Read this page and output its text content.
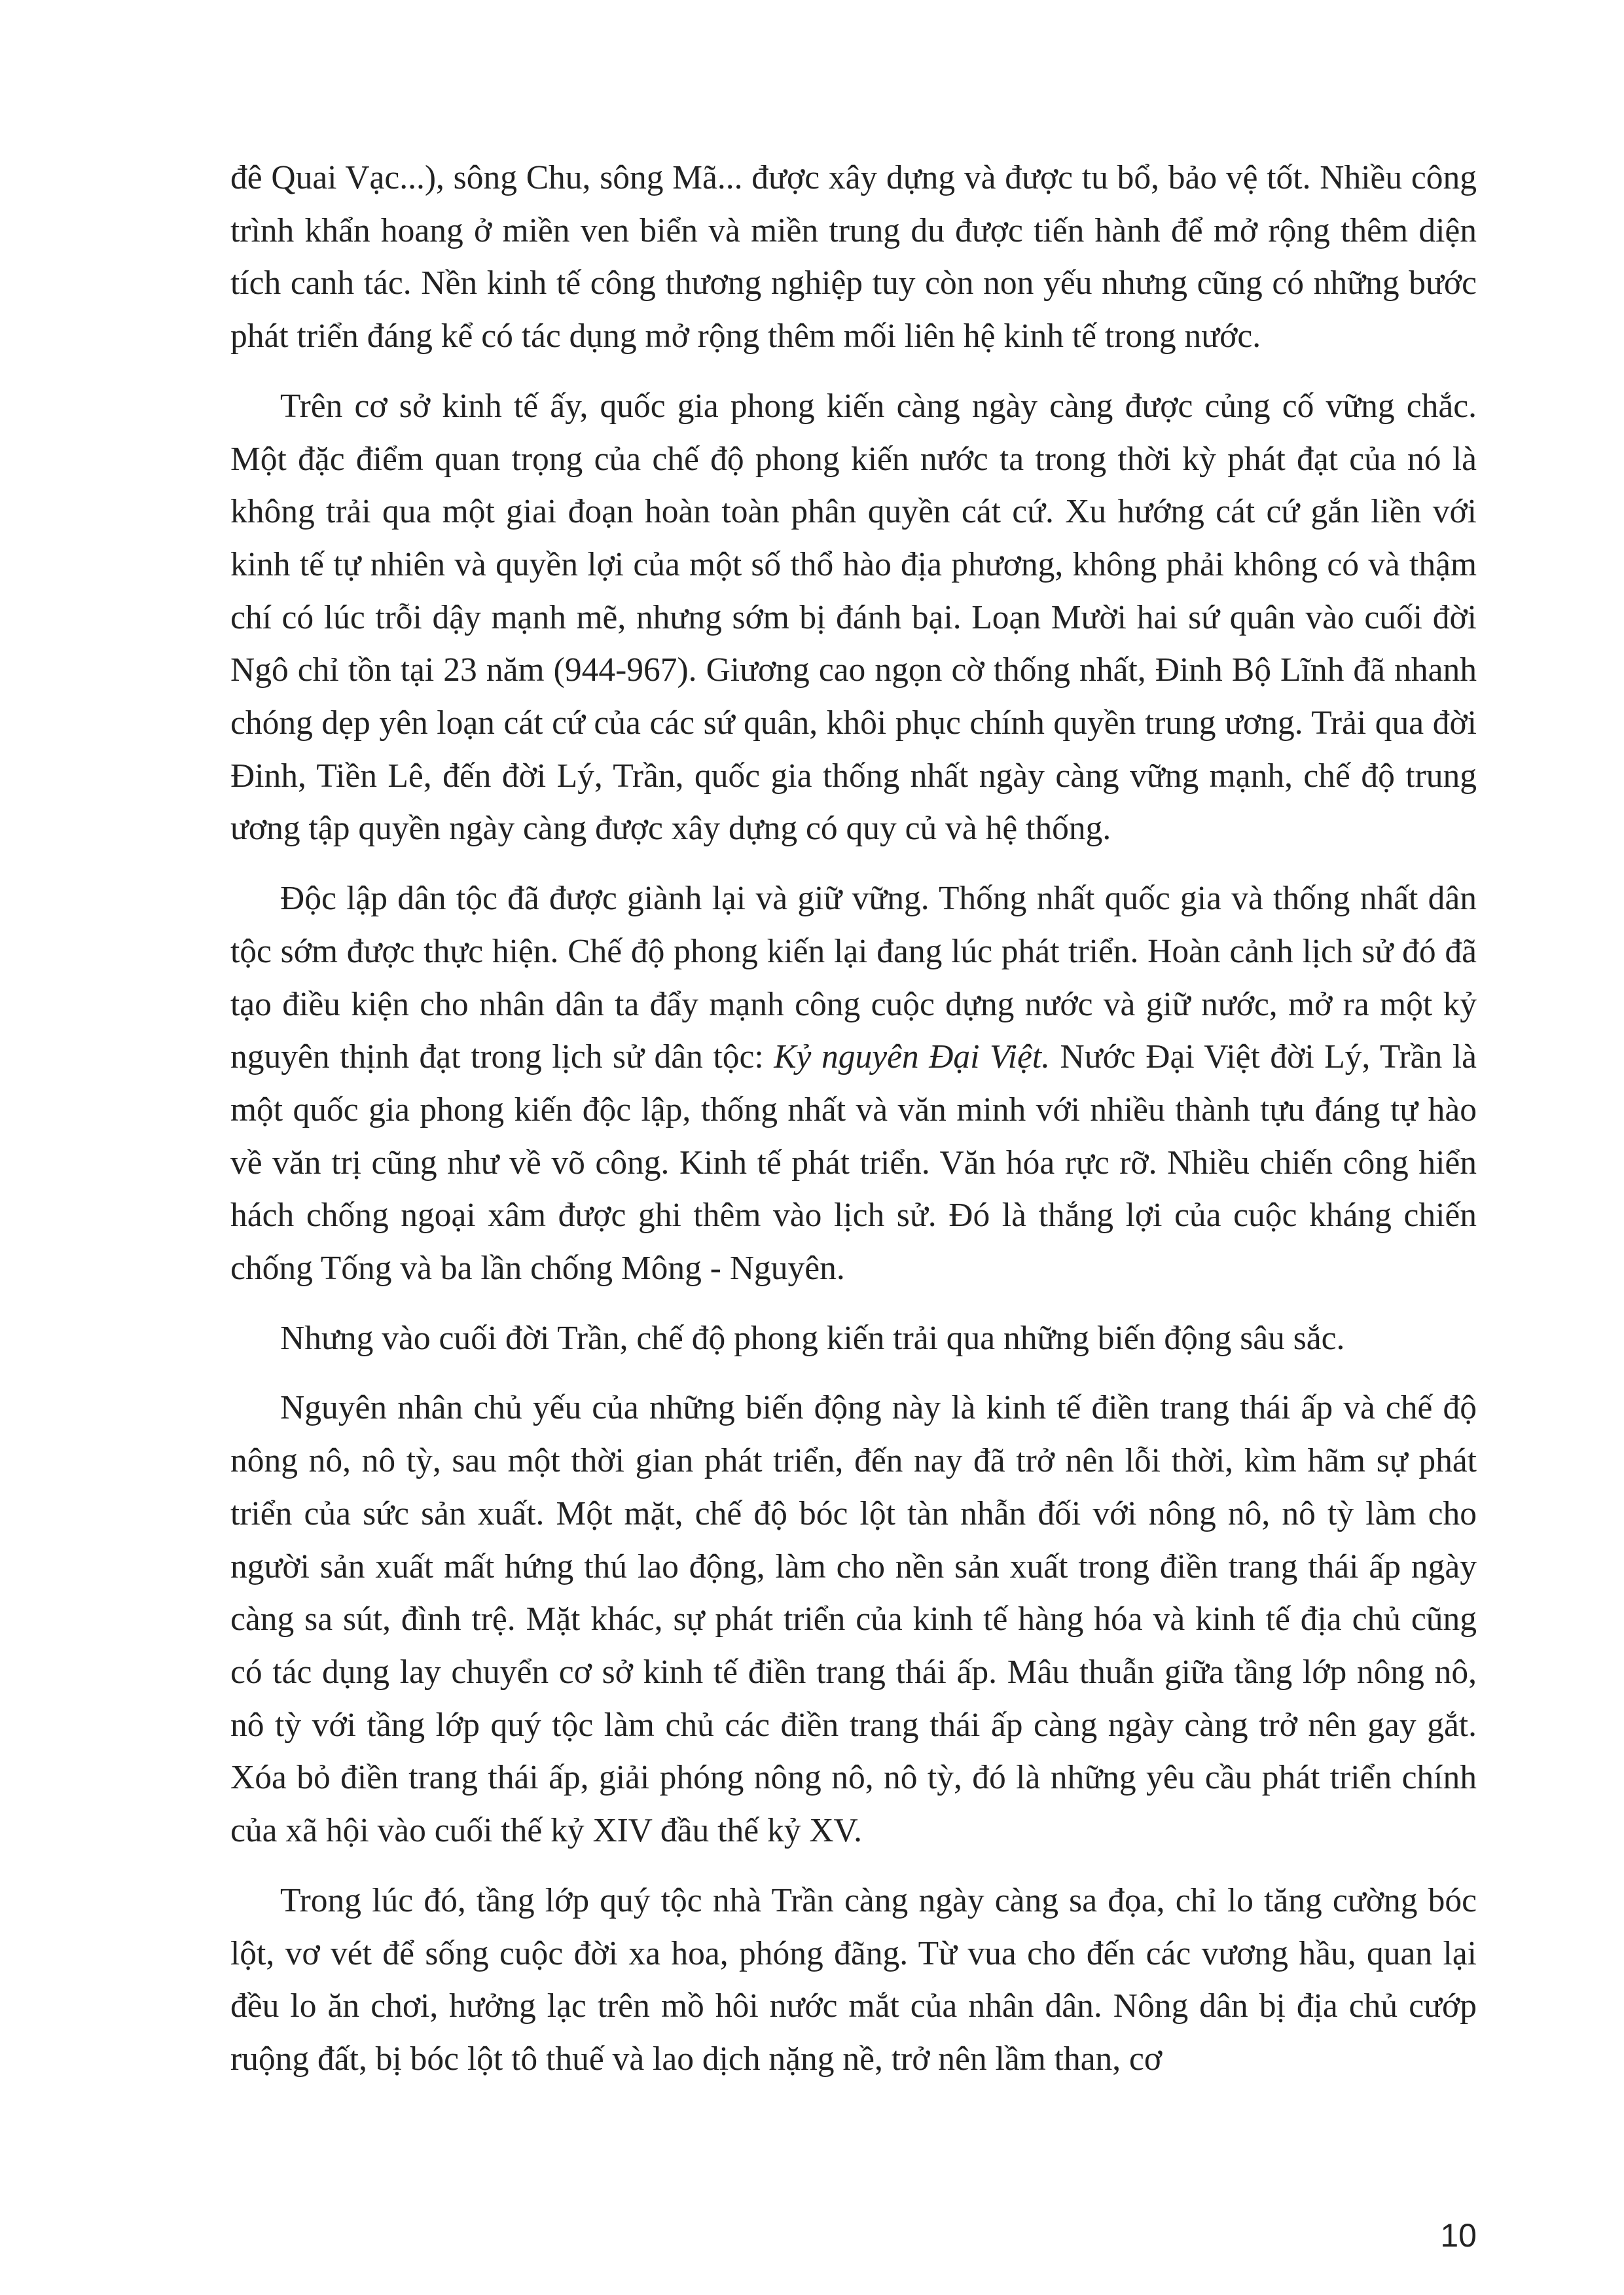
đê Quai Vạc...), sông Chu, sông Mã... được xây dựng và được tu bổ, bảo vệ tốt. Nhiều công trình khẩn hoang ở miền ven biển và miền trung du được tiến hành để mở rộng thêm diện tích canh tác. Nền kinh tế công thương nghiệp tuy còn non yếu nhưng cũng có những bước phát triển đáng kể có tác dụng mở rộng thêm mối liên hệ kinh tế trong nước.

Trên cơ sở kinh tế ấy, quốc gia phong kiến càng ngày càng được củng cố vững chắc. Một đặc điểm quan trọng của chế độ phong kiến nước ta trong thời kỳ phát đạt của nó là không trải qua một giai đoạn hoàn toàn phân quyền cát cứ. Xu hướng cát cứ gắn liền với kinh tế tự nhiên và quyền lợi của một số thổ hào địa phương, không phải không có và thậm chí có lúc trỗi dậy mạnh mẽ, nhưng sớm bị đánh bại. Loạn Mười hai sứ quân vào cuối đời Ngô chỉ tồn tại 23 năm (944-967). Giương cao ngọn cờ thống nhất, Đinh Bộ Lĩnh đã nhanh chóng dẹp yên loạn cát cứ của các sứ quân, khôi phục chính quyền trung ương. Trải qua đời Đinh, Tiền Lê, đến đời Lý, Trần, quốc gia thống nhất ngày càng vững mạnh, chế độ trung ương tập quyền ngày càng được xây dựng có quy củ và hệ thống.

Độc lập dân tộc đã được giành lại và giữ vững. Thống nhất quốc gia và thống nhất dân tộc sớm được thực hiện. Chế độ phong kiến lại đang lúc phát triển. Hoàn cảnh lịch sử đó đã tạo điều kiện cho nhân dân ta đẩy mạnh công cuộc dựng nước và giữ nước, mở ra một kỷ nguyên thịnh đạt trong lịch sử dân tộc: Kỷ nguyên Đại Việt. Nước Đại Việt đời Lý, Trần là một quốc gia phong kiến độc lập, thống nhất và văn minh với nhiều thành tựu đáng tự hào về văn trị cũng như về võ công. Kinh tế phát triển. Văn hóa rực rỡ. Nhiều chiến công hiển hách chống ngoại xâm được ghi thêm vào lịch sử. Đó là thắng lợi của cuộc kháng chiến chống Tống và ba lần chống Mông - Nguyên.

Nhưng vào cuối đời Trần, chế độ phong kiến trải qua những biến động sâu sắc.

Nguyên nhân chủ yếu của những biến động này là kinh tế điền trang thái ấp và chế độ nông nô, nô tỳ, sau một thời gian phát triển, đến nay đã trở nên lỗi thời, kìm hãm sự phát triển của sức sản xuất. Một mặt, chế độ bóc lột tàn nhẫn đối với nông nô, nô tỳ làm cho người sản xuất mất hứng thú lao động, làm cho nền sản xuất trong điền trang thái ấp ngày càng sa sút, đình trệ. Mặt khác, sự phát triển của kinh tế hàng hóa và kinh tế địa chủ cũng có tác dụng lay chuyển cơ sở kinh tế điền trang thái ấp. Mâu thuẫn giữa tầng lớp nông nô, nô tỳ với tầng lớp quý tộc làm chủ các điền trang thái ấp càng ngày càng trở nên gay gắt. Xóa bỏ điền trang thái ấp, giải phóng nông nô, nô tỳ, đó là những yêu cầu phát triển chính của xã hội vào cuối thế kỷ XIV đầu thế kỷ XV.

Trong lúc đó, tầng lớp quý tộc nhà Trần càng ngày càng sa đọa, chỉ lo tăng cường bóc lột, vơ vét để sống cuộc đời xa hoa, phóng đãng. Từ vua cho đến các vương hầu, quan lại đều lo ăn chơi, hưởng lạc trên mồ hôi nước mắt của nhân dân. Nông dân bị địa chủ cướp ruộng đất, bị bóc lột tô thuế và lao dịch nặng nề, trở nên lầm than, cơ

10
